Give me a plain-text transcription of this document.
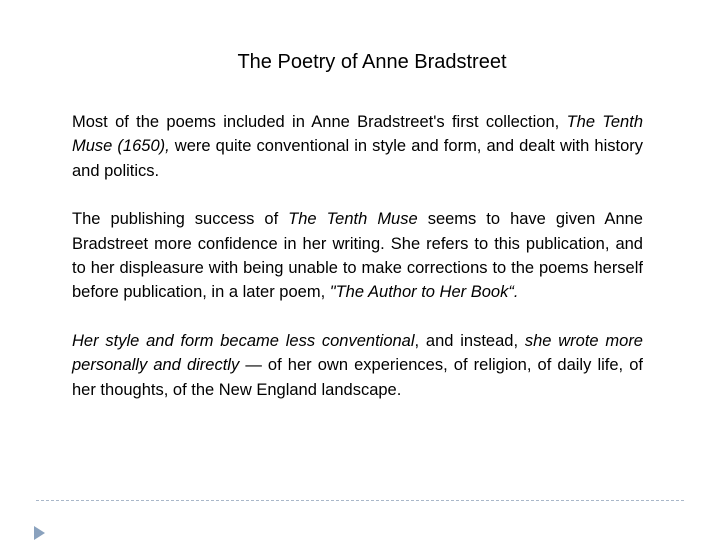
The Poetry of Anne Bradstreet

Most of the poems included in Anne Bradstreet's first collection, The Tenth Muse (1650), were quite conventional in style and form, and dealt with history and politics.

The publishing success of The Tenth Muse seems to have given Anne Bradstreet more confidence in her writing. She refers to this publication, and to her displeasure with being unable to make corrections to the poems herself before publication, in a later poem, "The Author to Her Book“.

Her style and form became less conventional, and instead, she wrote more personally and directly — of her own experiences, of religion, of daily life, of her thoughts, of the New England landscape.
